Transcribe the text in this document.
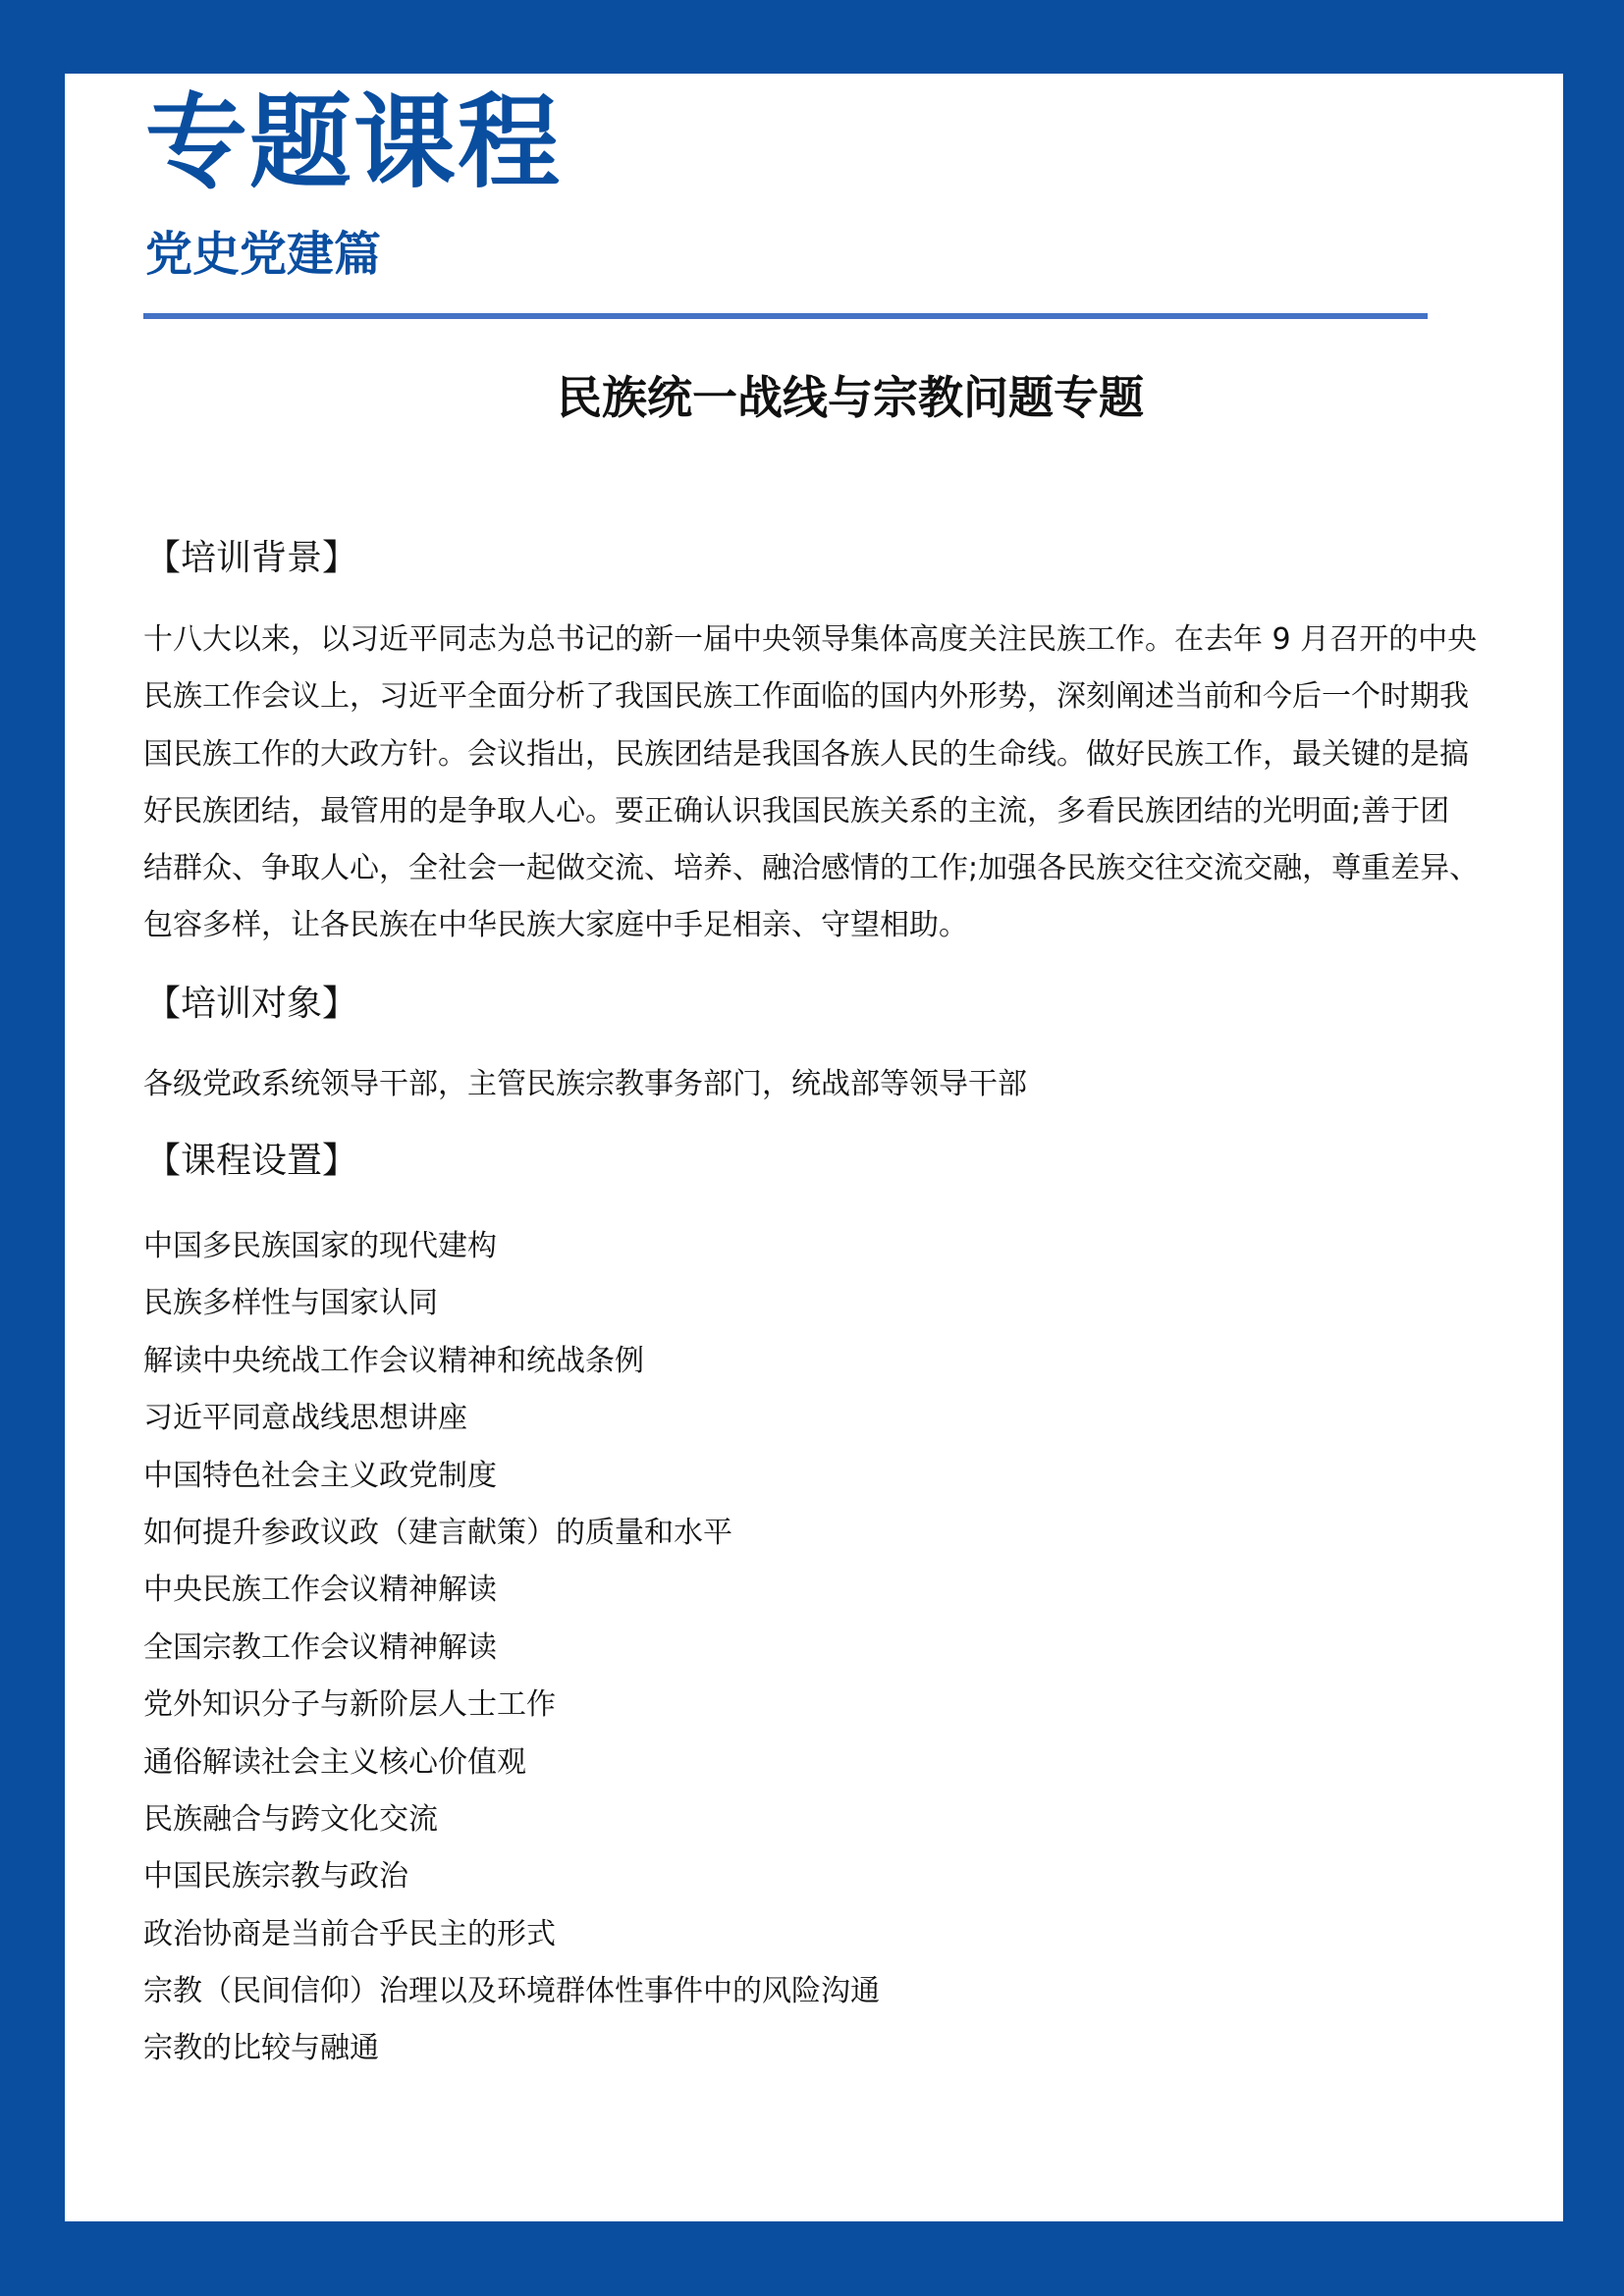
专题课程
党史党建篇
民族统一战线与宗教问题专题
【培训背景】
十八大以来，以习近平同志为总书记的新一届中央领导集体高度关注民族工作。在去年 9 月召开的中央
民族工作会议上，习近平全面分析了我国民族工作面临的国内外形势，深刻阐述当前和今后一个时期我
国民族工作的大政方针。会议指出，民族团结是我国各族人民的生命线。做好民族工作，最关键的是搞
好民族团结，最管用的是争取人心。要正确认识我国民族关系的主流，多看民族团结的光明面;善于团
结群众、争取人心，全社会一起做交流、培养、融洽感情的工作;加强各民族交往交流交融，尊重差异、
包容多样，让各民族在中华民族大家庭中手足相亲、守望相助。
【培训对象】
各级党政系统领导干部，主管民族宗教事务部门，统战部等领导干部
【课程设置】
中国多民族国家的现代建构
民族多样性与国家认同
解读中央统战工作会议精神和统战条例
习近平同意战线思想讲座
中国特色社会主义政党制度
如何提升参政议政（建言献策）的质量和水平
中央民族工作会议精神解读
全国宗教工作会议精神解读
党外知识分子与新阶层人士工作
通俗解读社会主义核心价值观
民族融合与跨文化交流
中国民族宗教与政治
政治协商是当前合乎民主的形式
宗教（民间信仰）治理以及环境群体性事件中的风险沟通
宗教的比较与融通
